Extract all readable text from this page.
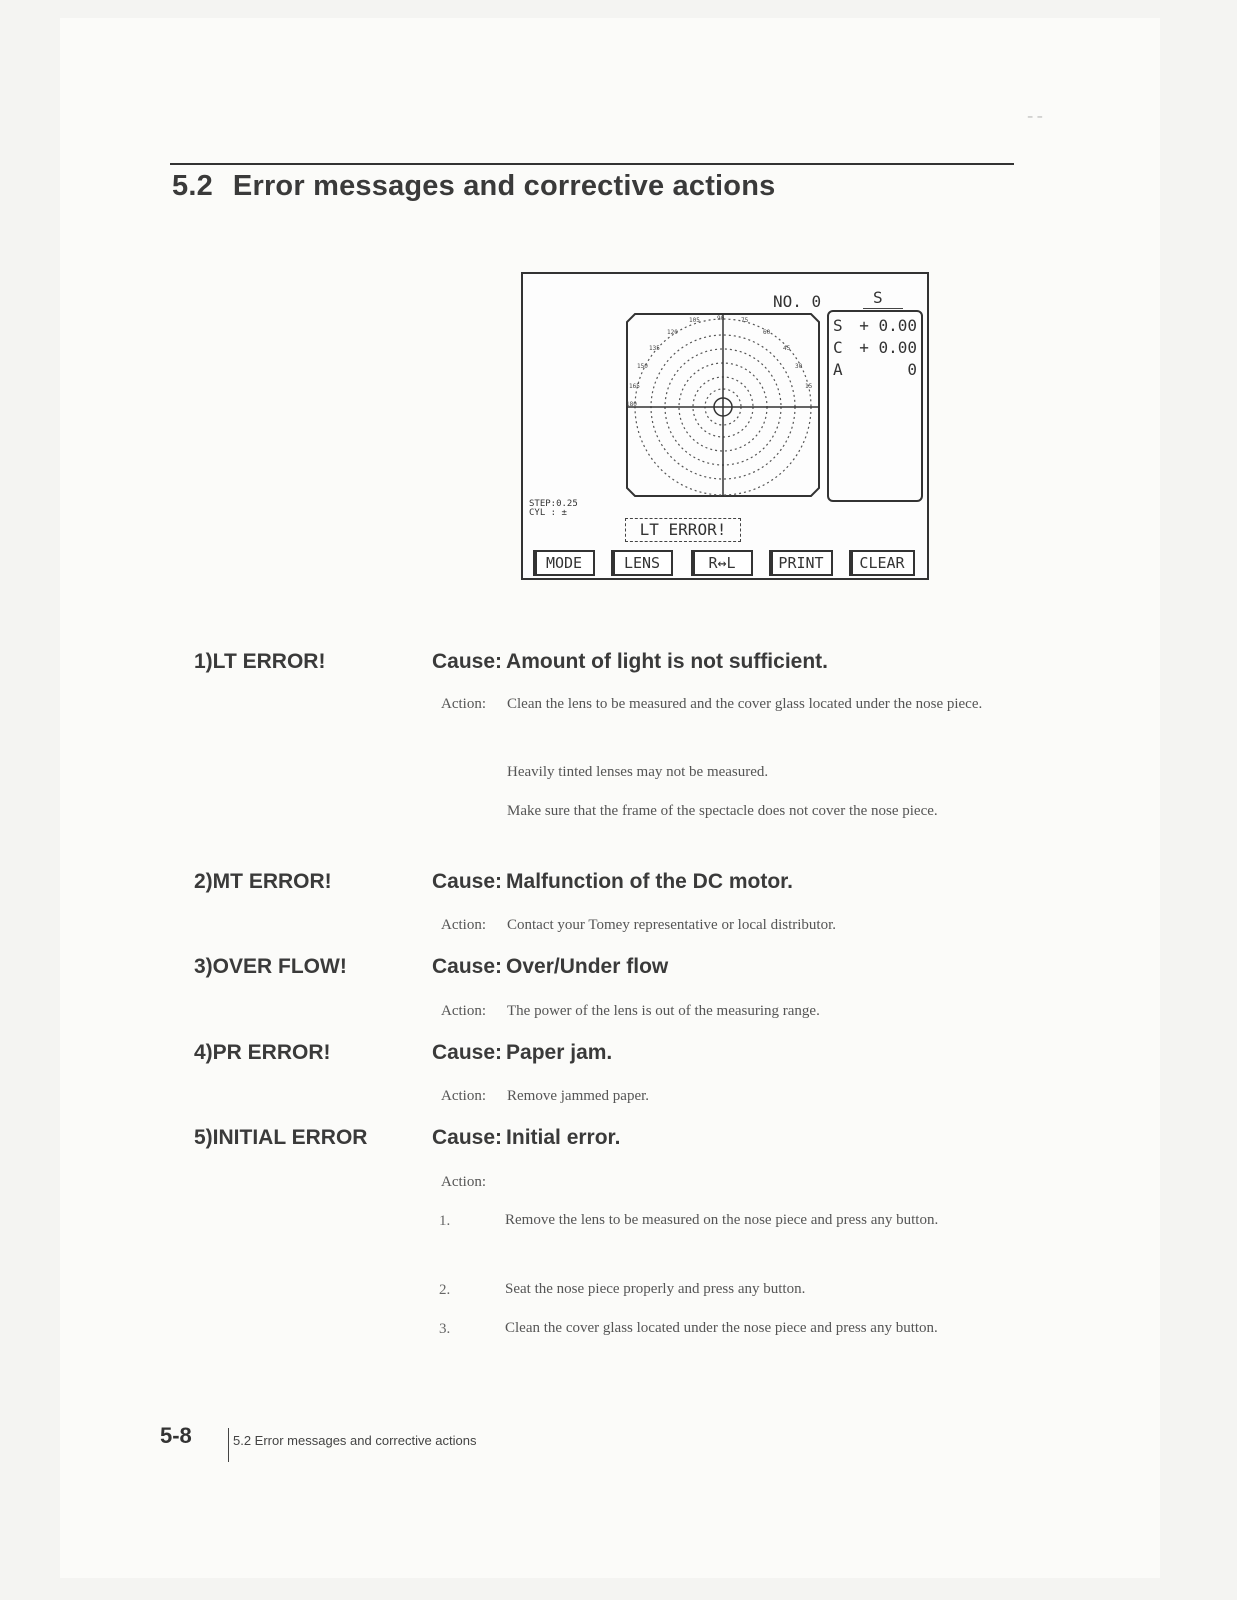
⁻ ⁻
5.2 Error messages and corrective actions
105	90	75
120	60
135	45
150	30
165	15
180
NO. 0	S
S + 0.00
C + 0.00
A	0
STEP:0.25
CYL : ±
LT ERROR!
MODE	LENS	R↔L	PRINT	CLEAR
1)LT ERROR!	Cause: Amount of light is not sufficient.
Action: Clean the lens to be measured and the cover glass located under the nose piece.
Heavily tinted lenses may not be measured.
Make sure that the frame of the spectacle does not cover the nose piece.
2)MT ERROR!	Cause: Malfunction of the DC motor.
Action: Contact your Tomey representative or local distributor.
3)OVER FLOW!	Cause: Over/Under flow
Action: The power of the lens is out of the measuring range.
4)PR ERROR!	Cause: Paper jam.
Action: Remove jammed paper.
5)INITIAL ERROR	Cause: Initial error.
Action:
1.	Remove the lens to be measured on the nose piece and press any button.
2.	Seat the nose piece properly and press any button.
3.	Clean the cover glass located under the nose piece and press any button.
5-8	5.2 Error messages and corrective actions
